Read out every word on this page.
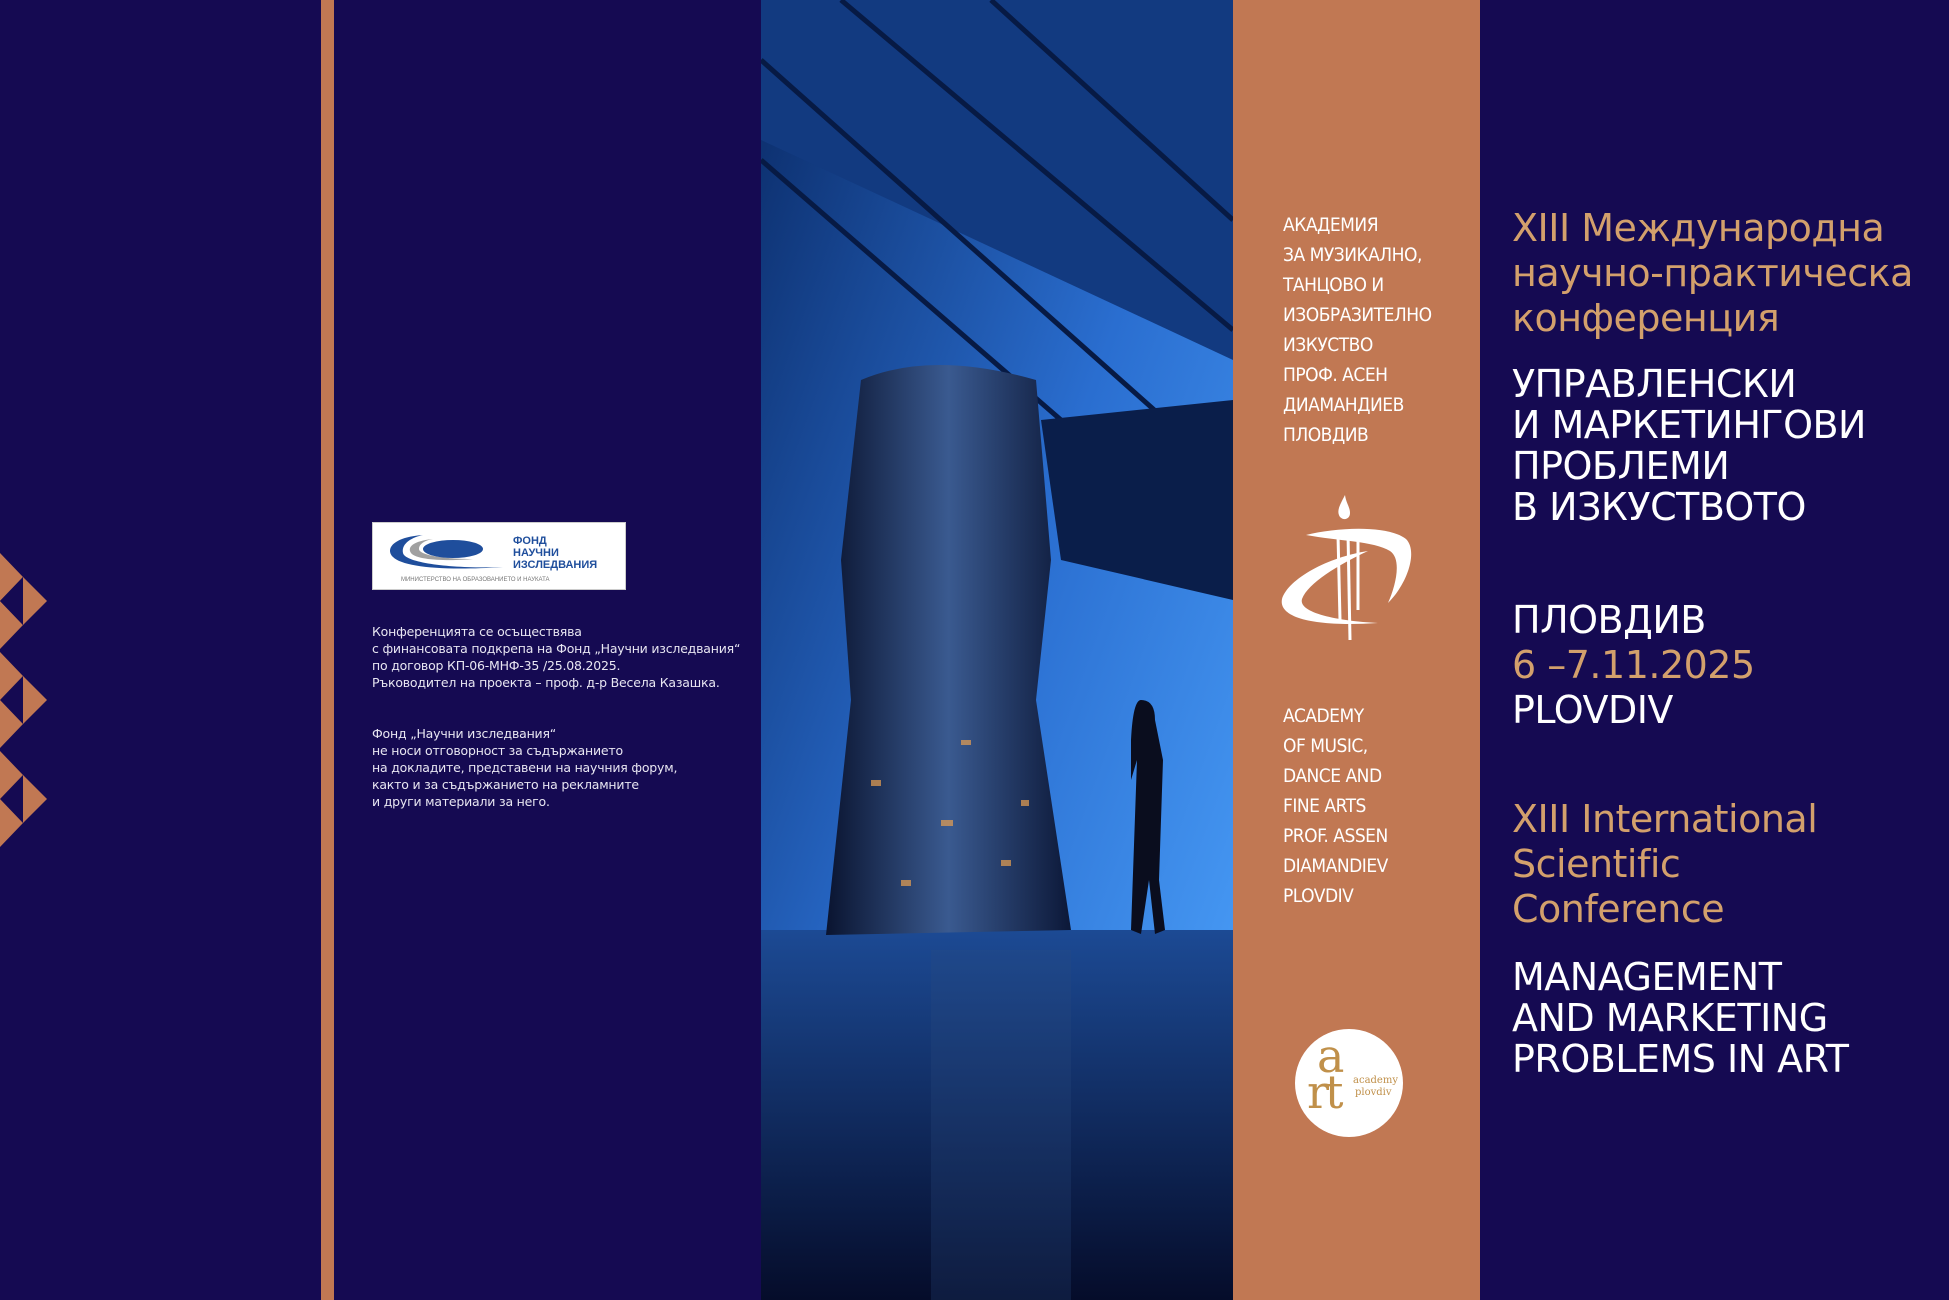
ФОНД
НАУЧНИ
ИЗСЛЕДВАНИЯ
МИНИСТЕРСТВО НА ОБРАЗОВАНИЕТО И НАУКАТА
Конференцията се осъществява
с финансовата подкрепа на Фонд „Научни изследвания“
по договор КП-06-МНФ-35 /25.08.2025.
Ръководител на проекта – проф. д-р Весела Казашка.
Фонд „Научни изследвания“
не носи отговорност за съдържанието
на докладите, представени на научния форум,
както и за съдържанието на рекламните
и други материали за него.
АКАДЕМИЯ
ЗА МУЗИКАЛНО,
ТАНЦОВО И
ИЗОБРАЗИТЕЛНО
ИЗКУСТВО
ПРОФ. АСЕН
ДИАМАНДИЕВ
ПЛОВДИВ
ACADEMY
OF MUSIC,
DANCE AND
FINE ARTS
PROF. ASSEN
DIAMANDIEV
PLOVDIV
a
rt academy
plovdiv
XIII Международна
научно-практическа
конференция
УПРАВЛЕНСКИ
И МАРКЕТИНГОВИ
ПРОБЛЕМИ
В ИЗКУСТВОТО
ПЛОВДИВ
6 –7.11.2025
PLOVDIV
XIII International
Scientific
Conference
MANAGEMENT
AND MARKETING
PROBLEMS IN ART
